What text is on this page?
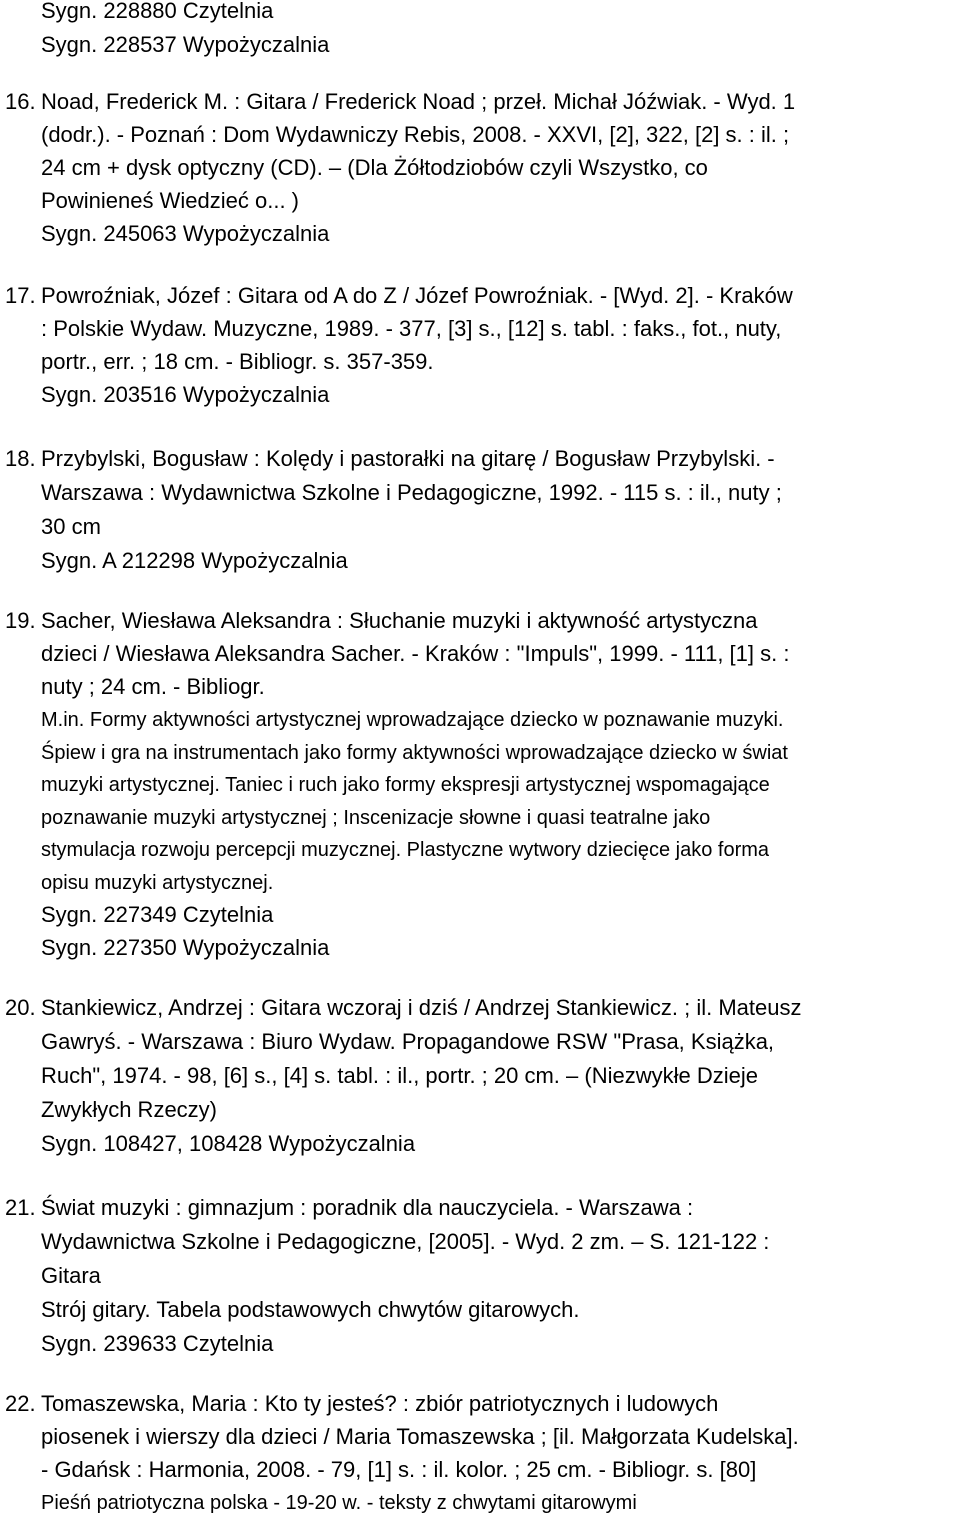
Sygn. 228880 Czytelnia
Sygn. 228537 Wypożyczalnia
16. Noad, Frederick M. : Gitara / Frederick Noad ; przeł. Michał Jóźwiak. - Wyd. 1
(dodr.). - Poznań : Dom Wydawniczy Rebis, 2008. - XXVI, [2], 322, [2] s. : il. ;
24 cm + dysk optyczny (CD). – (Dla Żółtodziobów czyli Wszystko, co
Powinieneś Wiedzieć o... )
Sygn. 245063 Wypożyczalnia
17. Powroźniak, Józef : Gitara od A do Z / Józef Powroźniak. - [Wyd. 2]. - Kraków
: Polskie Wydaw. Muzyczne, 1989. - 377, [3] s., [12] s. tabl. : faks., fot., nuty,
portr., err. ; 18 cm. - Bibliogr. s. 357-359.
Sygn. 203516 Wypożyczalnia
18. Przybylski, Bogusław : Kolędy i pastorałki na gitarę / Bogusław Przybylski. -
Warszawa : Wydawnictwa Szkolne i Pedagogiczne, 1992. - 115 s. : il., nuty ;
30 cm
Sygn. A 212298 Wypożyczalnia
19. Sacher, Wiesława Aleksandra : Słuchanie muzyki i aktywność artystyczna
dzieci / Wiesława Aleksandra Sacher. - Kraków : "Impuls", 1999. - 111, [1] s. :
nuty ; 24 cm. - Bibliogr.
M.in. Formy aktywności artystycznej wprowadzające dziecko w poznawanie muzyki.
Śpiew i gra na instrumentach jako formy aktywności wprowadzające dziecko w świat
muzyki artystycznej. Taniec i ruch jako formy ekspresji artystycznej wspomagające
poznawanie muzyki artystycznej ; Inscenizacje słowne i quasi teatralne jako
stymulacja rozwoju percepcji muzycznej. Plastyczne wytwory dziecięce jako forma
opisu muzyki artystycznej.
Sygn. 227349 Czytelnia
Sygn. 227350 Wypożyczalnia
20. Stankiewicz, Andrzej : Gitara wczoraj i dziś / Andrzej Stankiewicz. ; il. Mateusz
Gawryś. - Warszawa : Biuro Wydaw. Propagandowe RSW "Prasa, Książka,
Ruch", 1974. - 98, [6] s., [4] s. tabl. : il., portr. ; 20 cm. – (Niezwykłe Dzieje
Zwykłych Rzeczy)
Sygn. 108427, 108428 Wypożyczalnia
21. Świat muzyki : gimnazjum : poradnik dla nauczyciela. - Warszawa :
Wydawnictwa Szkolne i Pedagogiczne, [2005]. - Wyd. 2 zm. – S. 121-122 :
Gitara
Strój gitary. Tabela podstawowych chwytów gitarowych.
Sygn. 239633 Czytelnia
22. Tomaszewska, Maria : Kto ty jesteś? : zbiór patriotycznych i ludowych
piosenek i wierszy dla dzieci / Maria Tomaszewska ; [il. Małgorzata Kudelska].
- Gdańsk : Harmonia, 2008. - 79, [1] s. : il. kolor. ; 25 cm. - Bibliogr. s. [80]
Pieśń patriotyczna polska - 19-20 w. - teksty z chwytami gitarowymi
